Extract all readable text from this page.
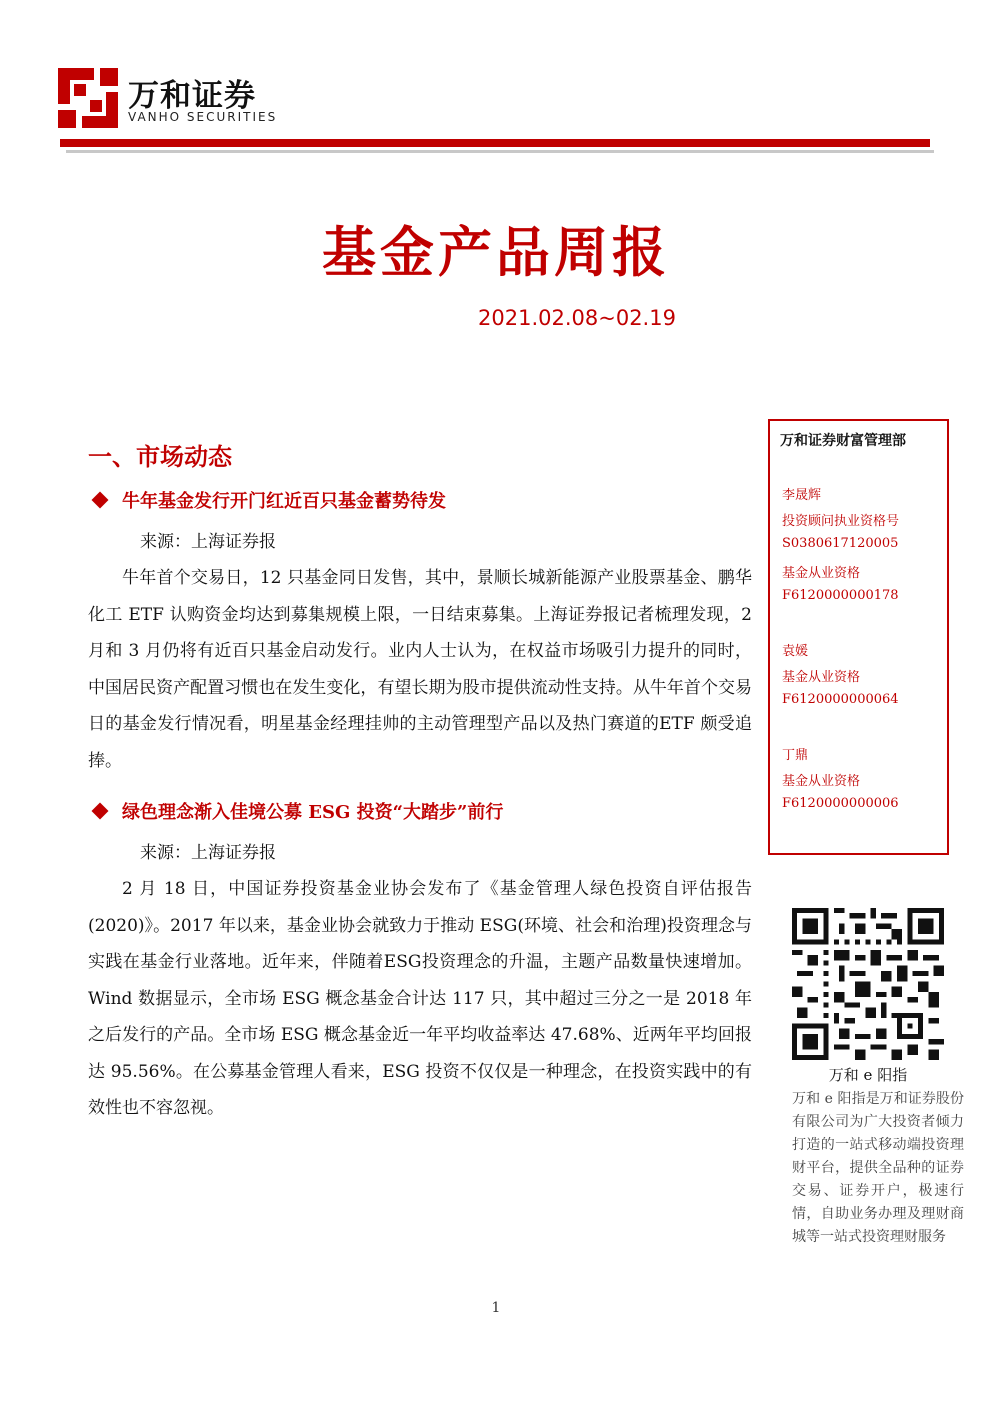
万和证券
VANHO SECURITIES
基金产品周报
2021.02.08~02.19
万和证券财富管理部
李晟辉
投资顾问执业资格号
S0380617120005
基金从业资格
F6120000000178
袁媛
基金从业资格
F6120000000064
丁鼎
基金从业资格
F6120000000006
万和 e 阳指
万和 e 阳指是万和证券股份有限公司为广大投资者倾力打造的一站式移动端投资理财平台，提供全品种的证券交易、证券开户，极速行情，自助业务办理及理财商城等一站式投资理财服务
一、市场动态
牛年基金发行开门红近百只基金蓄势待发
来源：上海证券报

牛年首个交易日，12 只基金同日发售，其中，景顺长城新能源产业股票基金、鹏华化工 ETF 认购资金均达到募集规模上限，一日结束募集。上海证券报记者梳理发现，2 月和 3 月仍将有近百只基金启动发行。业内人士认为，在权益市场吸引力提升的同时，中国居民资产配置习惯也在发生变化，有望长期为股市提供流动性支持。从牛年首个交易日的基金发行情况看，明星基金经理挂帅的主动管理型产品以及热门赛道的ETF 颇受追捧。

绿色理念渐入佳境公募 ESG 投资“大踏步”前行
来源：上海证券报

2 月 18 日，中国证券投资基金业协会发布了《基金管理人绿色投资自评估报告(2020)》。2017 年以来，基金业协会就致力于推动 ESG(环境、社会和治理)投资理念与实践在基金行业落地。近年来，伴随着ESG投资理念的升温，主题产品数量快速增加。Wind 数据显示，全市场 ESG 概念基金合计达 117 只，其中超过三分之一是 2018 年之后发行的产品。全市场 ESG 概念基金近一年平均收益率达 47.68%、近两年平均回报达 95.56%。在公募基金管理人看来，ESG 投资不仅仅是一种理念，在投资实践中的有效性也不容忽视。

1
